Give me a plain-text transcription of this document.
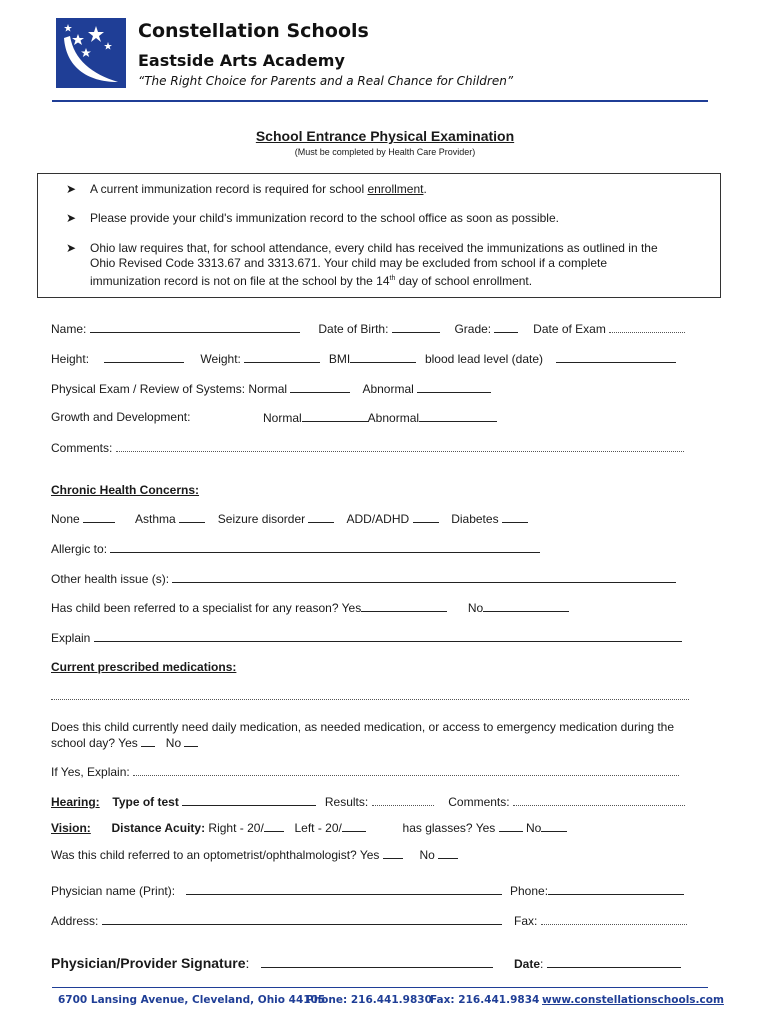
Constellation Schools
Eastside Arts Academy
“The Right Choice for Parents and a Real Chance for Children”
School Entrance Physical Examination
(Must be completed by Health Care Provider)
➤ A current immunization record is required for school enrollment.
➤ Please provide your child's immunization record to the school office as soon as possible.
➤ Ohio law requires that, for school attendance, every child has received the immunizations as outlined in the
Ohio Revised Code 3313.67 and 3313.671. Your child may be excluded from school if a complete
immunization record is not on file at the school by the 14th day of school enrollment.
Name:	Date of Birth:	Grade:	Date of Exam
Height:	Weight:	BMI	blood lead level (date)
Physical Exam / Review of Systems: Normal	Abnormal
Growth and Development:	Normal	Abnormal
Comments:
Chronic Health Concerns:
None	Asthma	Seizure disorder	ADD/ADHD	Diabetes
Allergic to:
Other health issue (s):
Has child been referred to a specialist for any reason? Yes	No
Explain
Current prescribed medications:
Does this child currently need daily medication, as needed medication, or access to emergency medication during the
school day? Yes No
If Yes, Explain:
Hearing: Type of test	Results:	Comments:
Vision: Distance Acuity: Right - 20/	Left - 20/	has glasses? Yes	No
Was this child referred to an optometrist/ophthalmologist? Yes	No
Physician name (Print):	Phone:
Address:	Fax:
Physician/Provider Signature:	Date:
6700 Lansing Avenue, Cleveland, Ohio 44105
Phone: 216.441.9830
Fax: 216.441.9834 www.constellationschools.com
